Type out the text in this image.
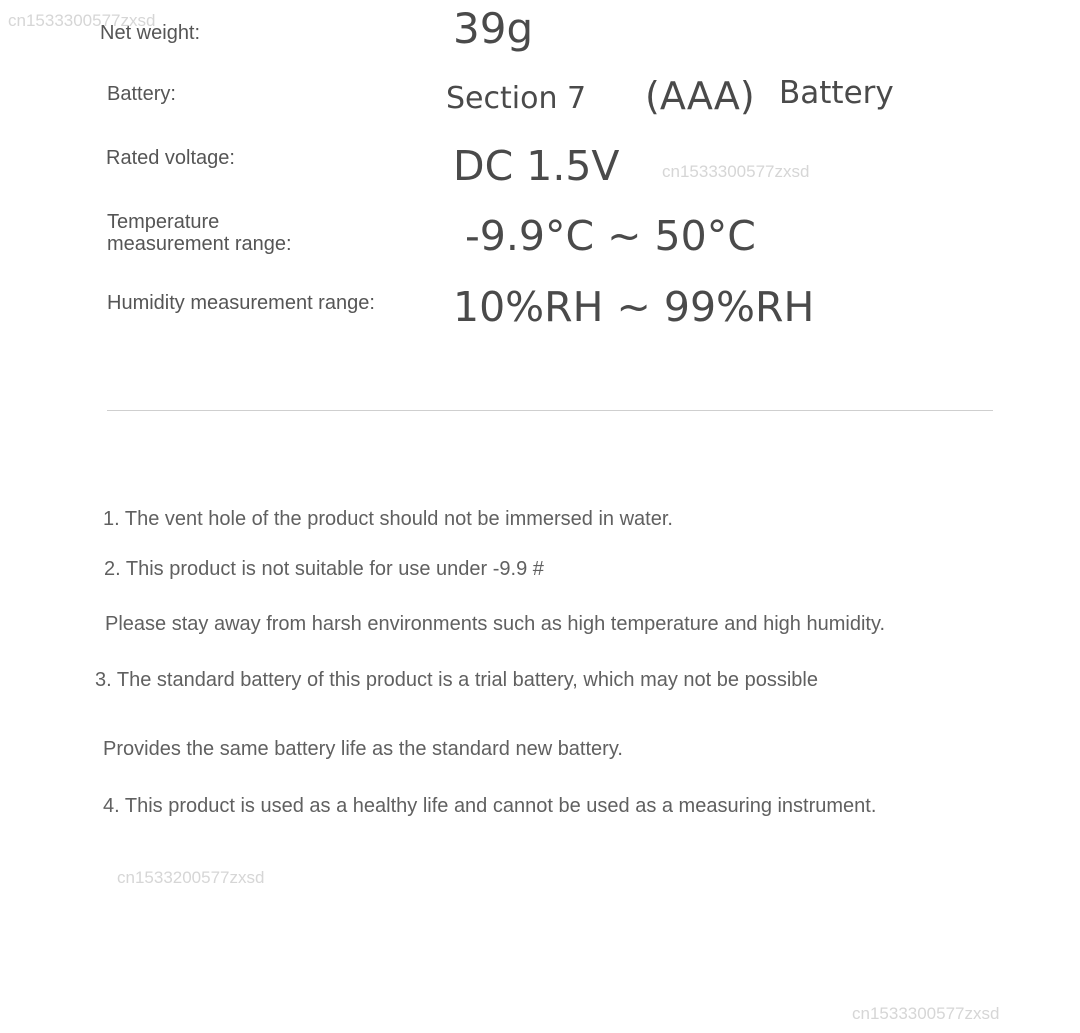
cn1533300577zxsd
cn1533300577zxsd
cn1533200577zxsd
cn1533300577zxsd
Net weight:	39g
Battery:	Section 7 (AAA) Battery
Rated voltage:	DC 1.5V
Temperature
measurement range:	-9.9°C ~ 50°C
Humidity measurement range: 10%RH ~ 99%RH
1. The vent hole of the product should not be immersed in water.
2. This product is not suitable for use under -9.9 #
Please stay away from harsh environments such as high temperature and high humidity.
3. The standard battery of this product is a trial battery, which may not be possible
Provides the same battery life as the standard new battery.
4. This product is used as a healthy life and cannot be used as a measuring instrument.
